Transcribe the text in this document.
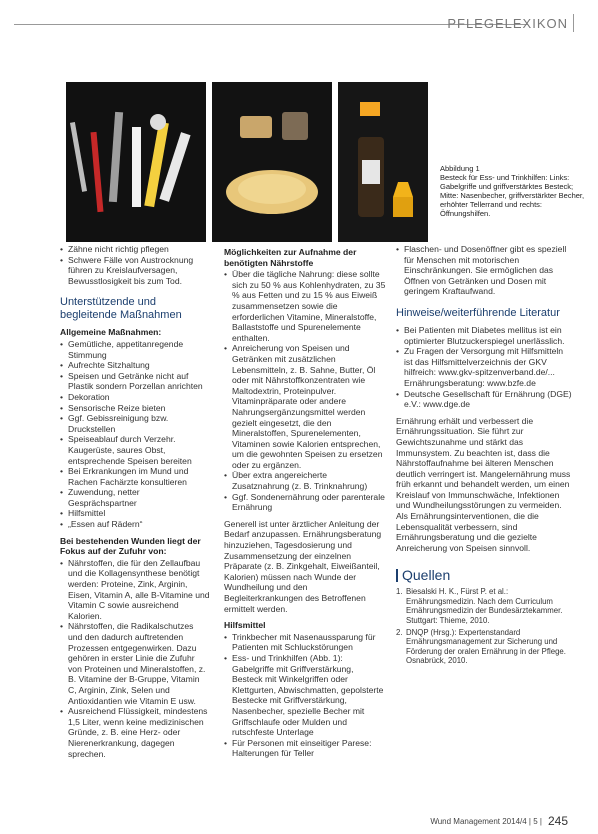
PFLEGELEXIKON
Abbildung 1
Besteck für Ess- und Trinkhilfen: Links: Gabelgriffe und griffverstärktes Besteck; Mitte: Nasenbecher, griffverstärkter Becher, erhöhter Tellerrand und rechts: Öffnungshilfen.
• Zähne nicht richtig pflegen
• Schwere Fälle von Austrocknung führen zu Kreislaufversagen, Bewusstlosigkeit bis zum Tod.
Unterstützende und begleitende Maßnahmen
Allgemeine Maßnahmen:
• Gemütliche, appetitanregende Stimmung
• Aufrechte Sitzhaltung
• Speisen und Getränke nicht auf Plastik sondern Porzellan anrichten
• Dekoration
• Sensorische Reize bieten
• Ggf. Gebissreinigung bzw. Druckstellen
• Speiseablauf durch Verzehr. Kaugerüste, saures Obst, entsprechende Speisen bereiten
• Bei Erkrankungen im Mund und Rachen Fachärzte konsultieren
• Zuwendung, netter Gesprächspartner
• Hilfsmittel
• „Essen auf Rädern“
Bei bestehenden Wunden liegt der Fokus auf der Zufuhr von:
• Nährstoffen, die für den Zellaufbau und die Kollagensynthese benötigt werden: Proteine, Zink, Arginin, Eisen, Vitamin A, alle B-Vitamine und Vitamin C sowie ausreichend Kalorien.
• Nährstoffen, die Radikalschutzes und den dadurch auftretenden Prozessen entgegenwirken. Dazu gehören in erster Linie die Zufuhr von Proteinen und Mineralstoffen, z. B. Vitamine der B-Gruppe, Vitamin C, Arginin, Zink, Selen und Antioxidantien wie Vitamin E usw.
• Ausreichend Flüssigkeit, mindestens 1,5 Liter, wenn keine medizinischen Gründe, z. B. eine Herz- oder Nierenerkrankung, dagegen sprechen.
Möglichkeiten zur Aufnahme der benötigten Nährstoffe
• Über die tägliche Nahrung: diese sollte sich zu 50 % aus Kohlenhydraten, zu 35 % aus Fetten und zu 15 % aus Eiweiß zusammensetzen sowie die erforderlichen Vitamine, Mineralstoffe, Ballaststoffe und Spurenelemente enthalten.
• Anreicherung von Speisen und Getränken mit zusätzlichen Lebensmitteln, z. B. Sahne, Butter, Öl oder mit Nährstoffkonzentraten wie Maltodextrin, Proteinpulver. Vitaminpräparate oder andere Nahrungsergänzungsmittel werden gezielt eingesetzt, die den Mineralstoffen, Spurenelementen, Vitaminen sowie Kalorien entsprechen, um die gewohnten Speisen zu ersetzen oder zu ergänzen.
• Über extra angereicherte Zusatznahrung (z. B. Trinknahrung)
• Ggf. Sondenernährung oder parenterale Ernährung

Generell ist unter ärztlicher Anleitung der Bedarf anzupassen. Ernährungsberatung hinzuziehen, Tagesdosierung und Zusammensetzung der einzelnen Präparate (z. B. Zinkgehalt, Eiweißanteil, Kalorien) müssen nach Wunde der Wundheilung und den Begleiterkrankungen des Betroffenen ermittelt werden.

Hilfsmittel
• Trinkbecher mit Nasenaussparung für Patienten mit Schluckstörungen
• Ess- und Trinkhilfen (Abb. 1): Gabelgriffe mit Griffverstärkung, Besteck mit Winkelgriffen oder Klettgurten, Abwischmatten, gepolsterte Bestecke mit Griffverstärkung, Nasenbecher, spezielle Becher mit Griffschlaufe oder Mulden und rutschfeste Unterlage
• Für Personen mit einseitiger Parese: Halterungen für Teller
• Flaschen- und Dosenöffner gibt es speziell für Menschen mit motorischen Einschränkungen. Sie ermöglichen das Öffnen von Getränken und Dosen mit geringem Kraftaufwand.
Hinweise/weiterführende Literatur
• Bei Patienten mit Diabetes mellitus ist ein optimierter Blutzuckerspiegel unerlässlich.
• Zu Fragen der Versorgung mit Hilfsmitteln ist das Hilfsmittelverzeichnis der GKV hilfreich: www.gkv-spitzenverband.de/... Ernährungsberatung: www.bzfe.de
• Deutsche Gesellschaft für Ernährung (DGE) e.V.: www.dge.de

Ernährung erhält und verbessert die Ernährungssituation. Sie führt zur Gewichtszunahme und stärkt das Immunsystem. Zu beachten ist, dass die Nährstoffaufnahme bei älteren Menschen deutlich verringert ist. Mangelernährung muss früh erkannt und behandelt werden, um einen Kreislauf von Immunschwäche, Infektionen und Wundheilungsstörungen zu vermeiden. Als Ernährungsinterventionen, die die Lebensqualität verbessern, sind Ernährungsberatung und die gezielte Anreicherung von Speisen sinnvoll.

Quellen
1. Biesalski H. K., Fürst P. et al.: Ernährungsmedizin. Nach dem Curriculum Ernährungsmedizin der Bundesärztekammer. Stuttgart: Thieme, 2010.
2. DNQP (Hrsg.): Expertenstandard Ernährungsmanagement zur Sicherung und Förderung der oralen Ernährung in der Pflege. Osnabrück, 2010.
Wund Management 2014/4 | 5 | 245
